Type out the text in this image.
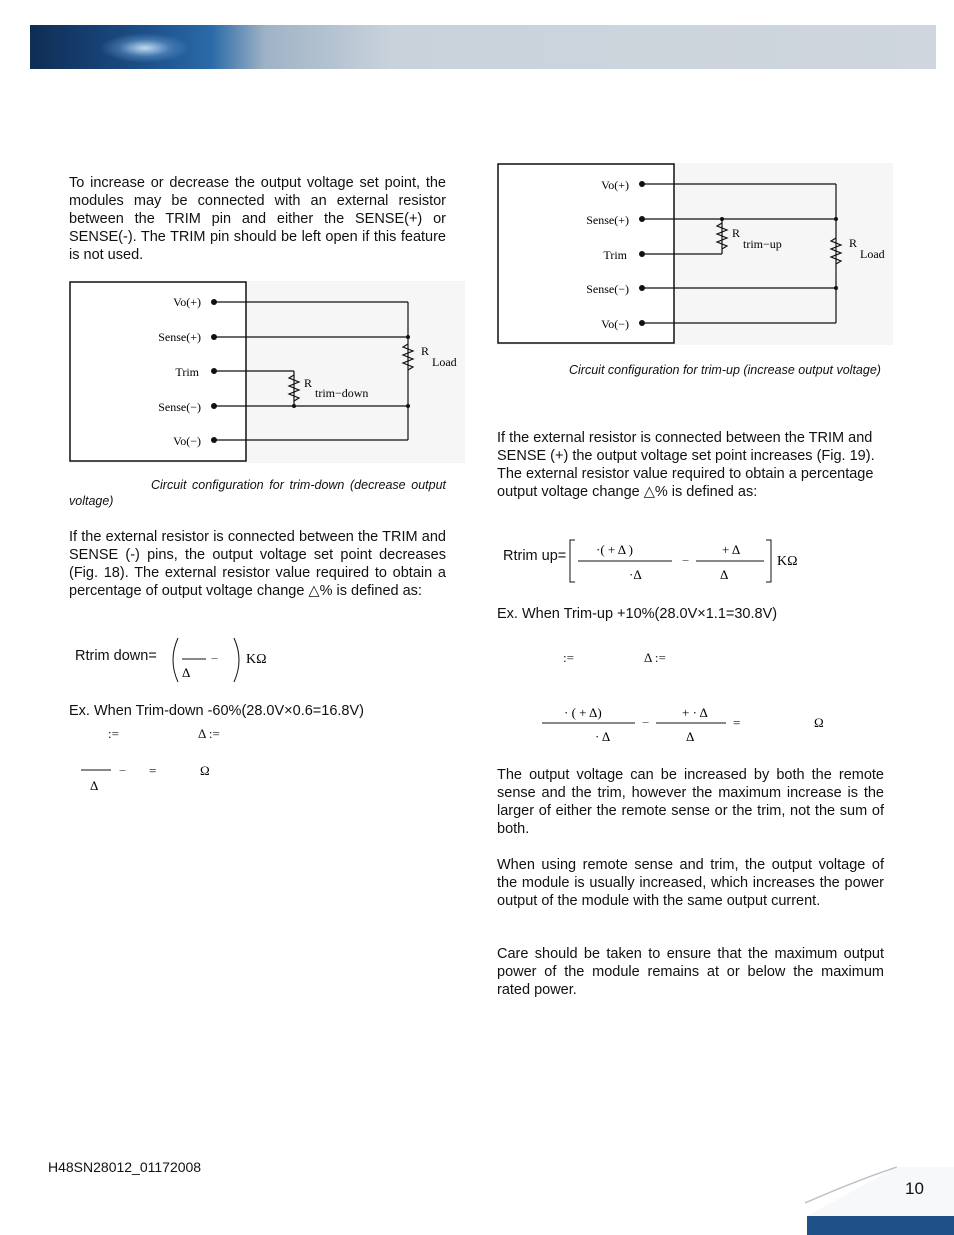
To increase or decrease the output voltage set point, the modules may be connected with an external resistor between the TRIM pin and either the SENSE(+) or SENSE(-). The TRIM pin should be left open if this feature is not used.
Vo(+)
Sense(+)
Trim
Sense(−)
Vo(−)
R
trim−down
R
Load
Circuit configuration for trim-down (decrease output voltage)
If the external resistor is connected between the TRIM and SENSE (-) pins, the output voltage set point decreases (Fig. 18). The external resistor value required to obtain a percentage of output voltage change △% is defined as:
Rtrim down=
Δ
− KΩ
Ex. When Trim-down -60%(28.0V×0.6=16.8V)
:=	Δ :=
Δ
− =	Ω
Vo(+)
Sense(+)
Trim
Sense(−)
Vo(−)
R
trim−up	R
Load
Circuit configuration for trim-up (increase output voltage)
If the external resistor is connected between the TRIM and SENSE (+) the output voltage set point increases (Fig. 19). The external resistor value required to obtain a percentage output voltage change △% is defined as:
Rtrim up= ·( + Δ )
·Δ
−
+ Δ
Δ
KΩ
Ex. When Trim-up +10%(28.0V×1.1=30.8V)
:=	Δ :=
· ( + Δ)
· Δ
−
+ · Δ
Δ
=	Ω
The output voltage can be increased by both the remote sense and the trim, however the maximum increase is the larger of either the remote sense or the trim, not the sum of both.
When using remote sense and trim, the output voltage of the module is usually increased, which increases the power output of the module with the same output current.
Care should be taken to ensure that the maximum output power of the module remains at or below the maximum rated power.
H48SN28012_01172008
10
